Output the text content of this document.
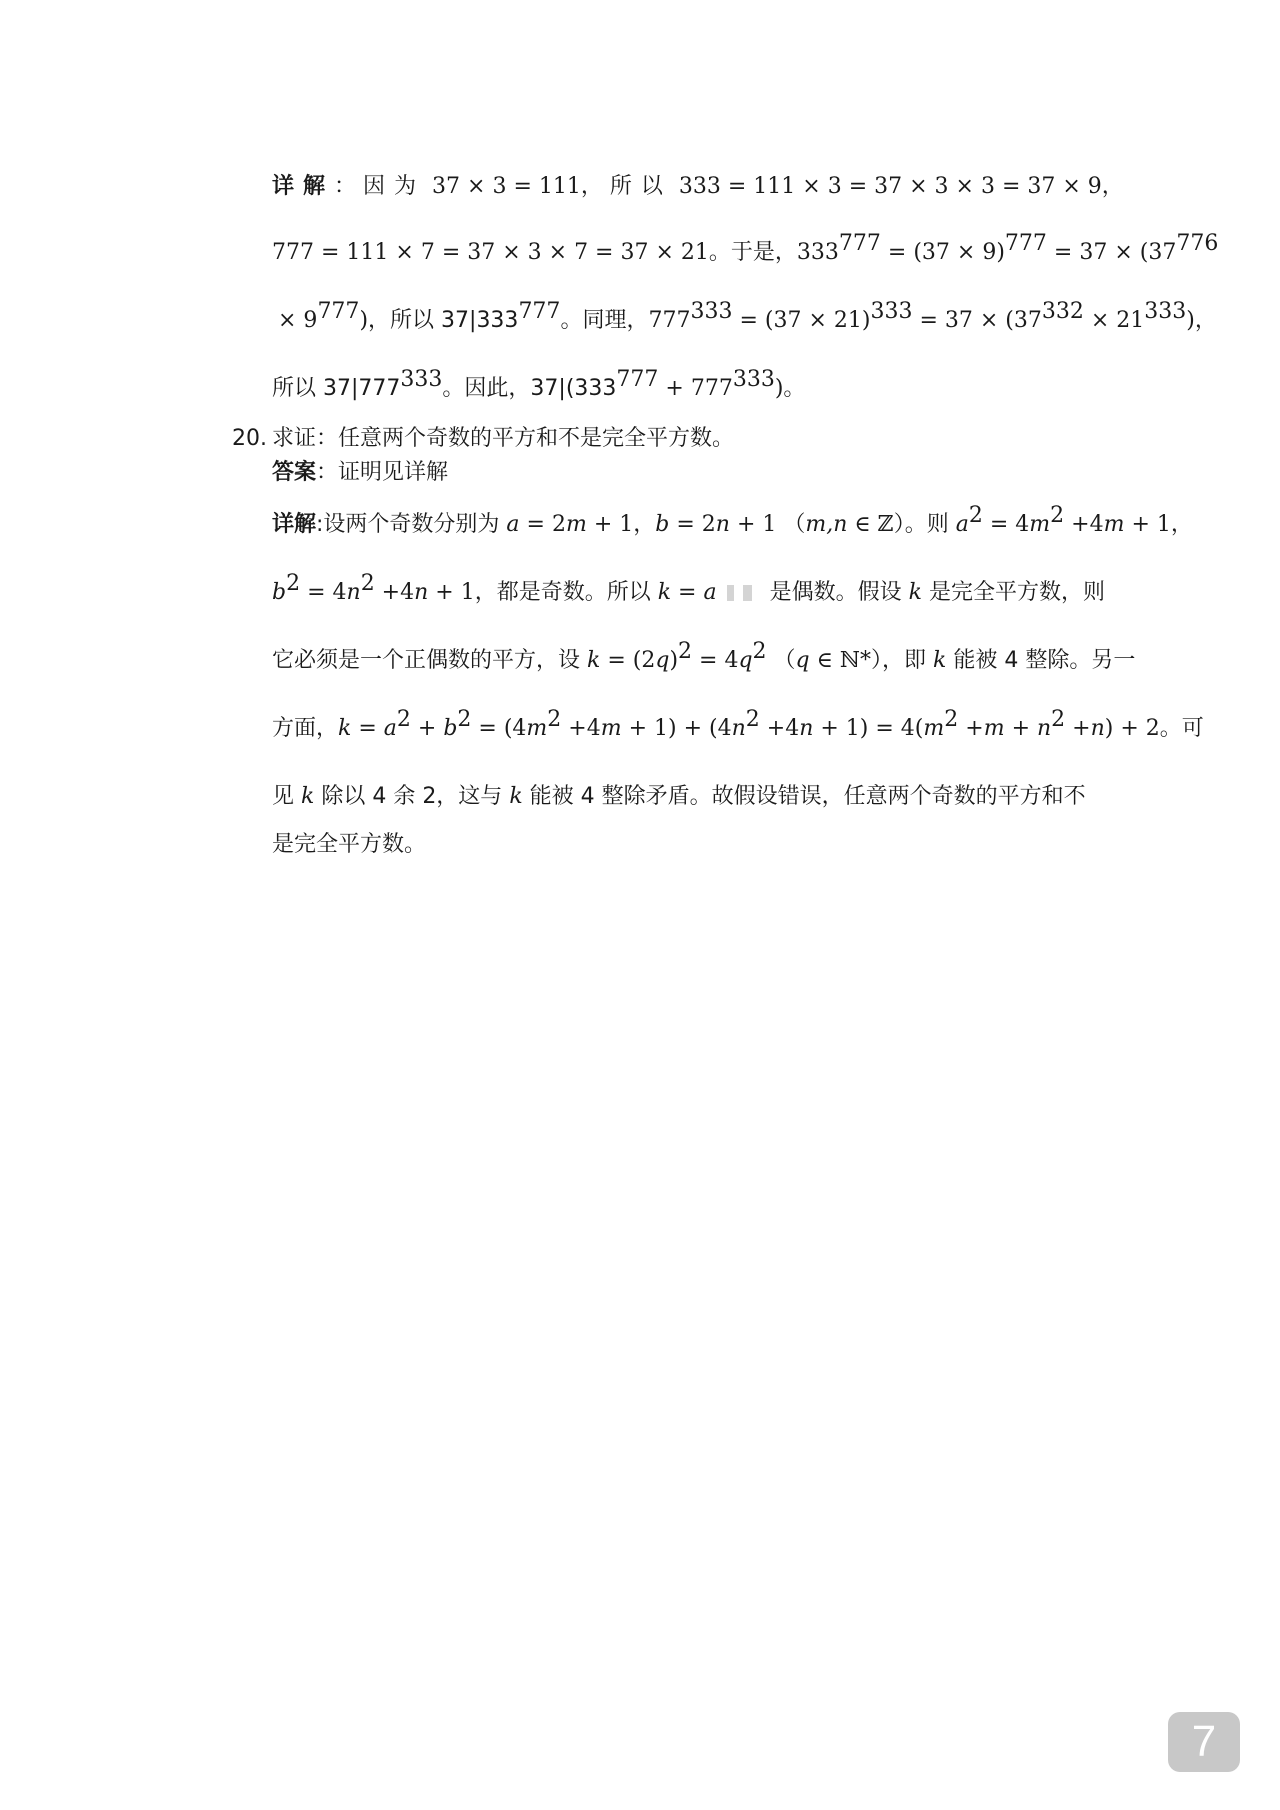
详解： 因为 37 × 3 = 111， 所以 333 = 111 × 3 = 37 × 3 × 3 = 37 × 9，
777 = 111 × 7 = 37 × 3 × 7 = 37 × 21。于是，$333^{777} = (37 \times 9)^{777} = 37 \times (37^{776}$
× $9^{777}$)，所以 $37|333^{777}$。同理，$777^{333} = (37 \times 21)^{333} = 37 \times (37^{332} \times 21^{333})$，
所以 $37|777^{333}$。因此，$37|(333^{777} + 777^{333})$。
20. 求证：任意两个奇数的平方和不是完全平方数。
答案：证明见详解
详解:设两个奇数分别为 a = 2m + 1，b = 2n + 1 （m,n ∈ ℤ）。则 $a^2 = 4m^2 +4m + 1$，
$b^2 = 4n^2 +4n + 1$，都是奇数。所以 k = a
是偶数。假设 k 是完全平方数，则
它必须是一个正偶数的平方，设 $k = (2q)^2 = 4q^2$ （q ∈ ℕ*），即 k 能被 4 整除。另一
方面，$k = a^2 + b^2 = (4m^2 +4m + 1) + (4n^2 +4n + 1) = 4(m^2 +m + n^2 +n) + 2$。可
见 k 除以 4 余 2，这与 k 能被 4 整除矛盾。故假设错误，任意两个奇数的平方和不
是完全平方数。
7
